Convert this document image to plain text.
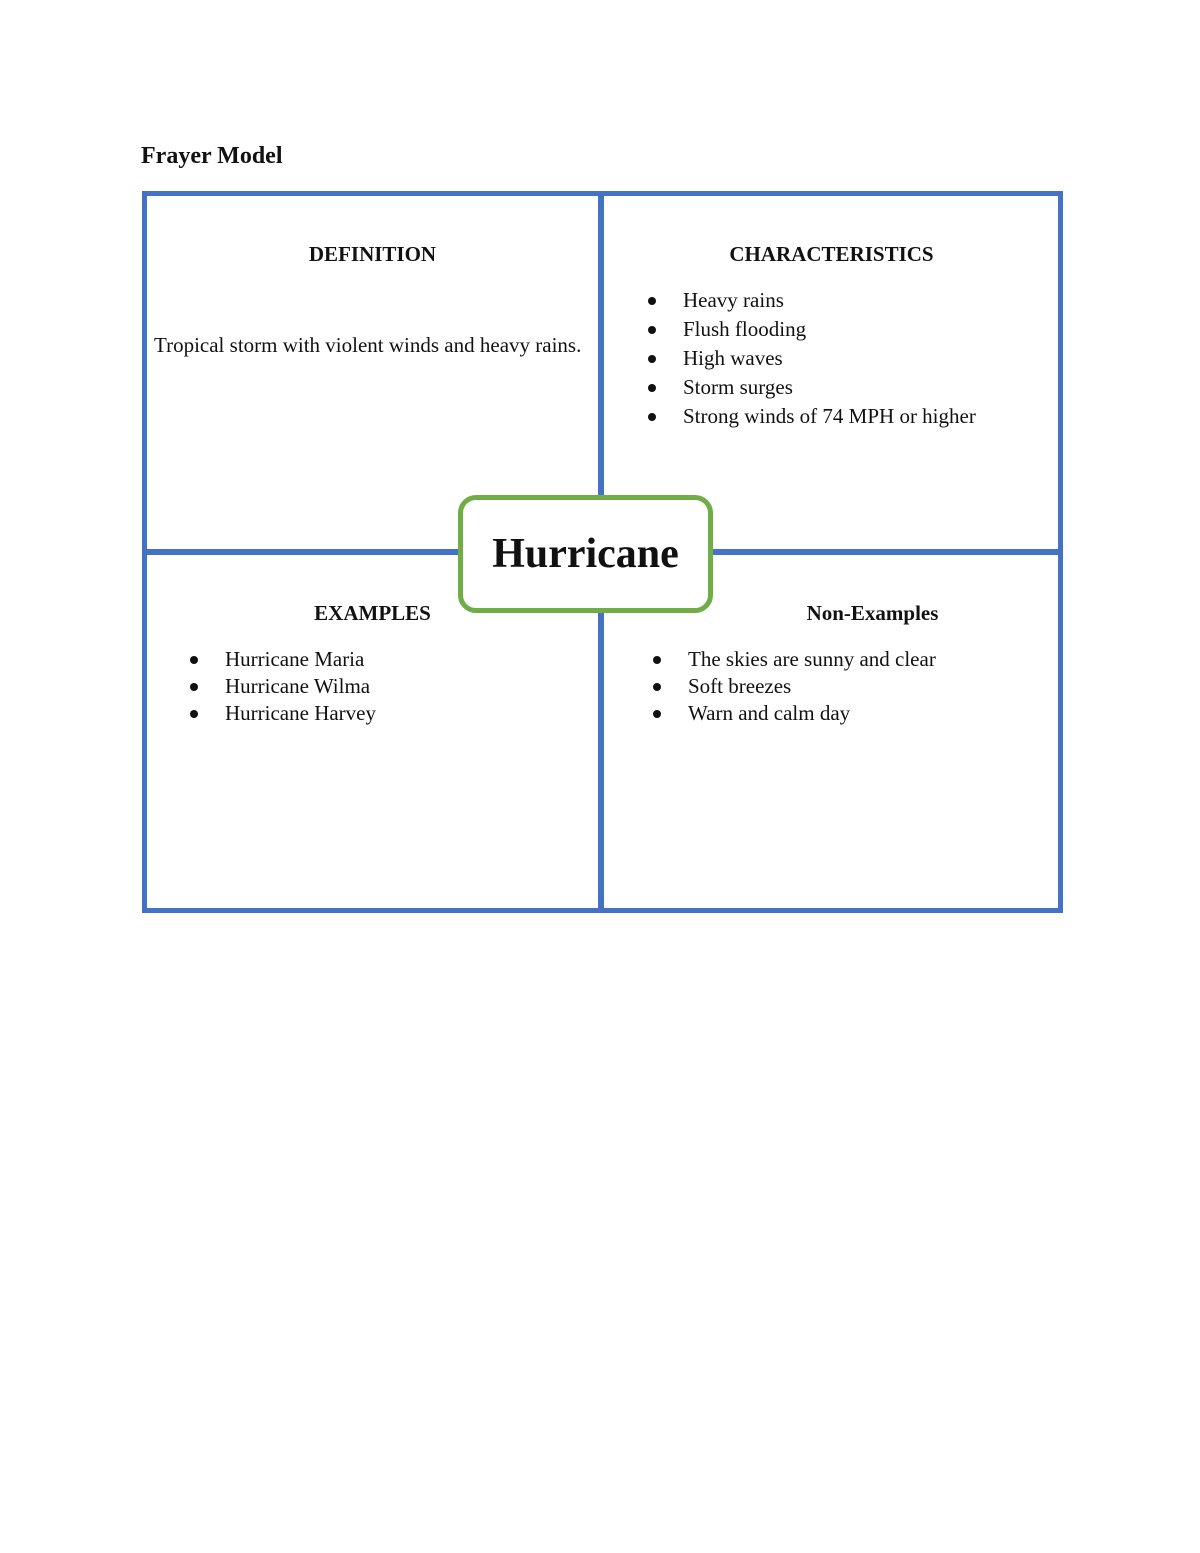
Frayer Model
DEFINITION
Tropical storm with violent winds and heavy rains.
CHARACTERISTICS
Heavy rains
Flush flooding
High waves
Storm surges
Strong winds of 74 MPH or higher
EXAMPLES
Hurricane Maria
Hurricane Wilma
Hurricane Harvey
Non-Examples
The skies are sunny and clear
Soft breezes
Warn and calm day
Hurricane
